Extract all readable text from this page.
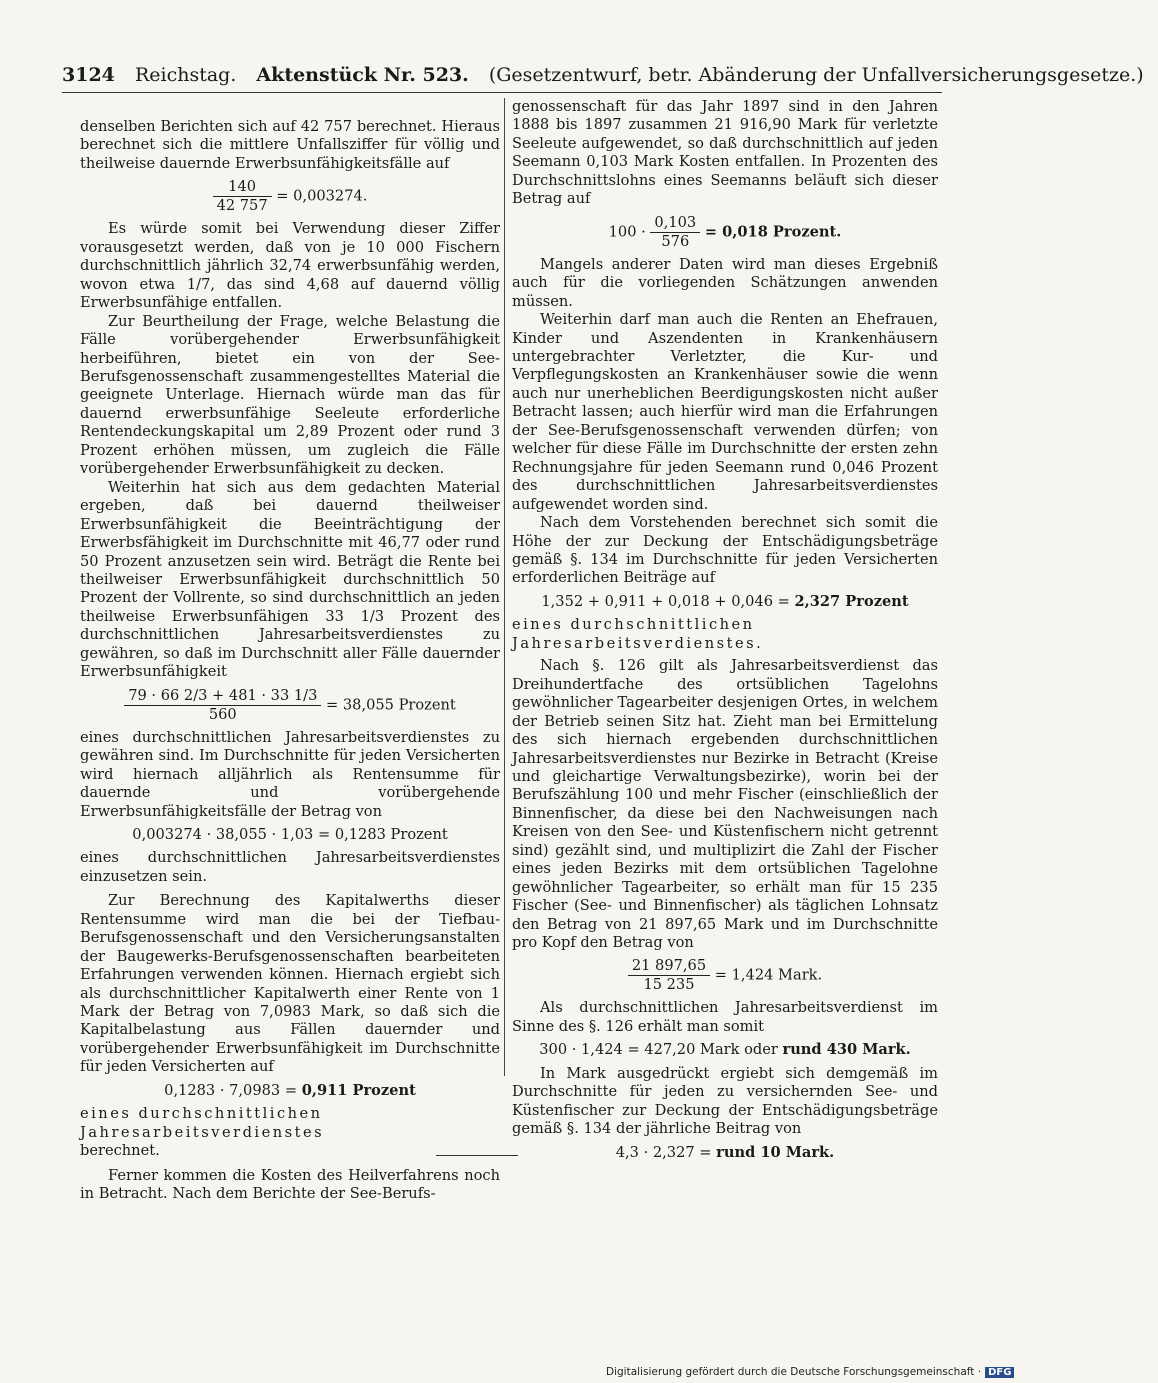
3124 Reichstag. Aktenstück Nr. 523. (Gesetzentwurf, betr. Abänderung der Unfallversicherungsgesetze.)

denselben Berichten sich auf 42 757 berechnet. Hieraus berechnet sich die mittlere Unfallsziffer für völlig und theilweise dauernde Erwerbsunfähigkeitsfälle auf

$\frac{140}{42 757} = 0,003274$.

Es würde somit bei Verwendung dieser Ziffer vorausgesetzt werden, daß von je 10 000 Fischern durchschnittlich jährlich 32,74 erwerbsunfähig werden, wovon etwa 1/7, das sind 4,68 auf dauernd völlig Erwerbsunfähige entfallen.

Zur Beurtheilung der Frage, welche Belastung die Fälle vorübergehender Erwerbsunfähigkeit herbeiführen, bietet ein von der See-Berufsgenossenschaft zusammengestelltes Material die geeignete Unterlage. Hiernach würde man das für dauernd erwerbsunfähige Seeleute erforderliche Rentendeckungskapital um 2,89 Prozent oder rund 3 Prozent erhöhen müssen, um zugleich die Fälle vorübergehender Erwerbsunfähigkeit zu decken.

Weiterhin hat sich aus dem gedachten Material ergeben, daß bei dauernd theilweiser Erwerbsunfähigkeit die Beeinträchtigung der Erwerbsfähigkeit im Durchschnitte mit 46,77 oder rund 50 Prozent anzusetzen sein wird. Beträgt die Rente bei theilweiser Erwerbsunfähigkeit durchschnittlich 50 Prozent der Vollrente, so sind durchschnittlich an jeden theilweise Erwerbsunfähigen 33 1/3 Prozent des durchschnittlichen Jahresarbeitsverdienstes zu gewähren, so daß im Durchschnitt aller Fälle dauernder Erwerbsunfähigkeit

$\frac{79 \cdot 66 2/3 + 481 \cdot 33 1/3}{560} = 38,055$ Prozent

eines durchschnittlichen Jahresarbeitsverdienstes zu gewähren sind. Im Durchschnitte für jeden Versicherten wird hiernach alljährlich als Rentensumme für dauernde und vorübergehende Erwerbsunfähigkeitsfälle der Betrag von

0,003274 · 38,055 · 1,03 = 0,1283 Prozent

eines durchschnittlichen Jahresarbeitsverdienstes einzusetzen sein.

Zur Berechnung des Kapitalwerths dieser Rentensumme wird man die bei der Tiefbau-Berufsgenossenschaft und den Versicherungsanstalten der Baugewerks-Berufsgenossenschaften bearbeiteten Erfahrungen verwenden können. Hiernach ergiebt sich als durchschnittlicher Kapitalwerth einer Rente von 1 Mark der Betrag von 7,0983 Mark, so daß sich die Kapitalbelastung aus Fällen dauernder und vorübergehender Erwerbsunfähigkeit im Durchschnitte für jeden Versicherten auf

0,1283 · 7,0983 = 0,911 Prozent

eines durchschnittlichen Jahresarbeitsverdienstes

berechnet.

Ferner kommen die Kosten des Heilverfahrens noch in Betracht. Nach dem Berichte der See-Berufs-

genossenschaft für das Jahr 1897 sind in den Jahren 1888 bis 1897 zusammen 21 916,90 Mark für verletzte Seeleute aufgewendet, so daß durchschnittlich auf jeden Seemann 0,103 Mark Kosten entfallen. In Prozenten des Durchschnittslohns eines Seemanns beläuft sich dieser Betrag auf

$100 \cdot \frac{0,103}{576} = 0,018$ Prozent.

Mangels anderer Daten wird man dieses Ergebniß auch für die vorliegenden Schätzungen anwenden müssen.

Weiterhin darf man auch die Renten an Ehefrauen, Kinder und Aszendenten in Krankenhäusern untergebrachter Verletzter, die Kur- und Verpflegungskosten an Krankenhäuser sowie die wenn auch nur unerheblichen Beerdigungskosten nicht außer Betracht lassen; auch hierfür wird man die Erfahrungen der See-Berufsgenossenschaft verwenden dürfen; von welcher für diese Fälle im Durchschnitte der ersten zehn Rechnungsjahre für jeden Seemann rund 0,046 Prozent des durchschnittlichen Jahresarbeitsverdienstes aufgewendet worden sind.

Nach dem Vorstehenden berechnet sich somit die Höhe der zur Deckung der Entschädigungsbeträge gemäß §. 134 im Durchschnitte für jeden Versicherten erforderlichen Beiträge auf

1,352 + 0,911 + 0,018 + 0,046 = 2,327 Prozent

eines durchschnittlichen Jahresarbeitsverdienstes.

Nach §. 126 gilt als Jahresarbeitsverdienst das Dreihundertfache des ortsüblichen Tagelohns gewöhnlicher Tagearbeiter desjenigen Ortes, in welchem der Betrieb seinen Sitz hat. Zieht man bei Ermittelung des sich hiernach ergebenden durchschnittlichen Jahresarbeitsverdienstes nur Bezirke in Betracht (Kreise und gleichartige Verwaltungsbezirke), worin bei der Berufszählung 100 und mehr Fischer (einschließlich der Binnenfischer, da diese bei den Nachweisungen nach Kreisen von den See- und Küstenfischern nicht getrennt sind) gezählt sind, und multiplizirt die Zahl der Fischer eines jeden Bezirks mit dem ortsüblichen Tagelohne gewöhnlicher Tagearbeiter, so erhält man für 15 235 Fischer (See- und Binnenfischer) als täglichen Lohnsatz den Betrag von 21 897,65 Mark und im Durchschnitte pro Kopf den Betrag von

$\frac{21 897,65}{15 235} = 1,424$ Mark.

Als durchschnittlichen Jahresarbeitsverdienst im Sinne des §. 126 erhält man somit

300 · 1,424 = 427,20 Mark oder rund 430 Mark.

In Mark ausgedrückt ergiebt sich demgemäß im Durchschnitte für jeden zu versichernden See- und Küstenfischer zur Deckung der Entschädigungsbeträge gemäß §. 134 der jährliche Beitrag von

4,3 · 2,327 = rund 10 Mark.
Digitalisierung gefördert durch die Deutsche Forschungsgemeinschaft · DFG
